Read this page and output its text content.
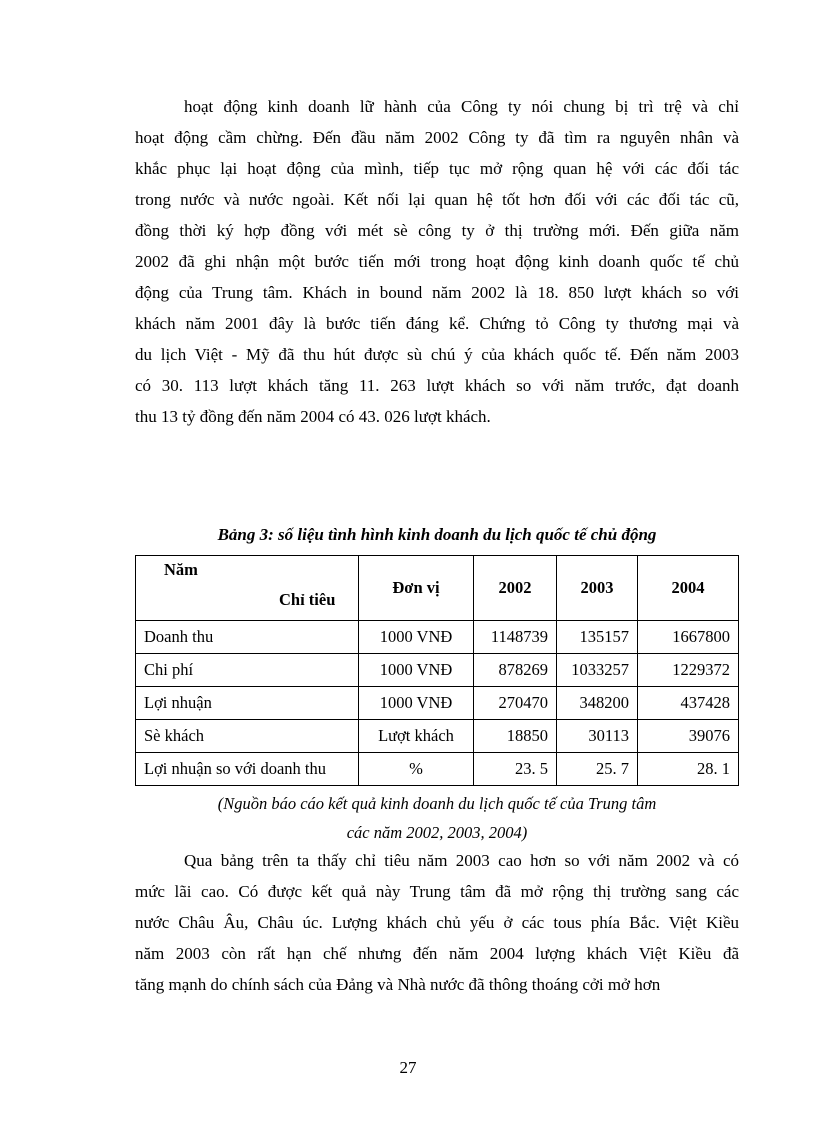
hoạt động kinh doanh lữ hành của Công ty nói chung bị trì trệ và chỉ
hoạt động cầm chừng. Đến đầu năm 2002 Công ty đã tìm ra nguyên nhân và
khắc phục lại hoạt động của mình, tiếp tục mở rộng quan hệ với các đối tác
trong nước và nước ngoài. Kết nối lại quan hệ tốt hơn đối với các đối tác cũ,
đồng thời ký hợp đồng với mét sè công ty ở thị trường mới. Đến giữa năm
2002 đã ghi nhận một bước tiến mới trong hoạt động kinh doanh quốc tế chủ
động của Trung tâm. Khách in bound năm 2002 là 18. 850 lượt khách so với
khách năm 2001 đây là bước tiến đáng kể. Chứng tỏ Công ty thương mại và
du lịch Việt - Mỹ đã thu hút được sù chú ý của khách quốc tế. Đến năm 2003
có 30. 113 lượt khách tăng 11. 263 lượt khách so với năm trước, đạt doanh
thu 13 tỷ đồng đến năm 2004 có 43. 026 lượt khách.
Bảng 3: số liệu tình hình kinh doanh du lịch quốc tế chủ động
Năm
Chỉ tiêu	Đơn vị	2002	2003	2004
Doanh thu	1000 VNĐ	1148739	135157	1667800
Chi phí	1000 VNĐ	878269	1033257	1229372
Lợi nhuận	1000 VNĐ	270470	348200	437428
Sè khách	Lượt khách	18850	30113	39076
Lợi nhuận so với doanh thu	%	23. 5	25. 7	28. 1
(Nguồn báo cáo kết quả kinh doanh du lịch quốc tế của Trung tâm
các năm 2002, 2003, 2004)
Qua bảng trên ta thấy chỉ tiêu năm 2003 cao hơn so với năm 2002 và có
mức lãi cao. Có được kết quả này Trung tâm đã mở rộng thị trường sang các
nước Châu Âu, Châu úc. Lượng khách chủ yếu ở các tous phía Bắc. Việt Kiều
năm 2003 còn rất hạn chế nhưng đến năm 2004 lượng khách Việt Kiều đã
tăng mạnh do chính sách của Đảng và Nhà nước đã thông thoáng cởi mở hơn
27
